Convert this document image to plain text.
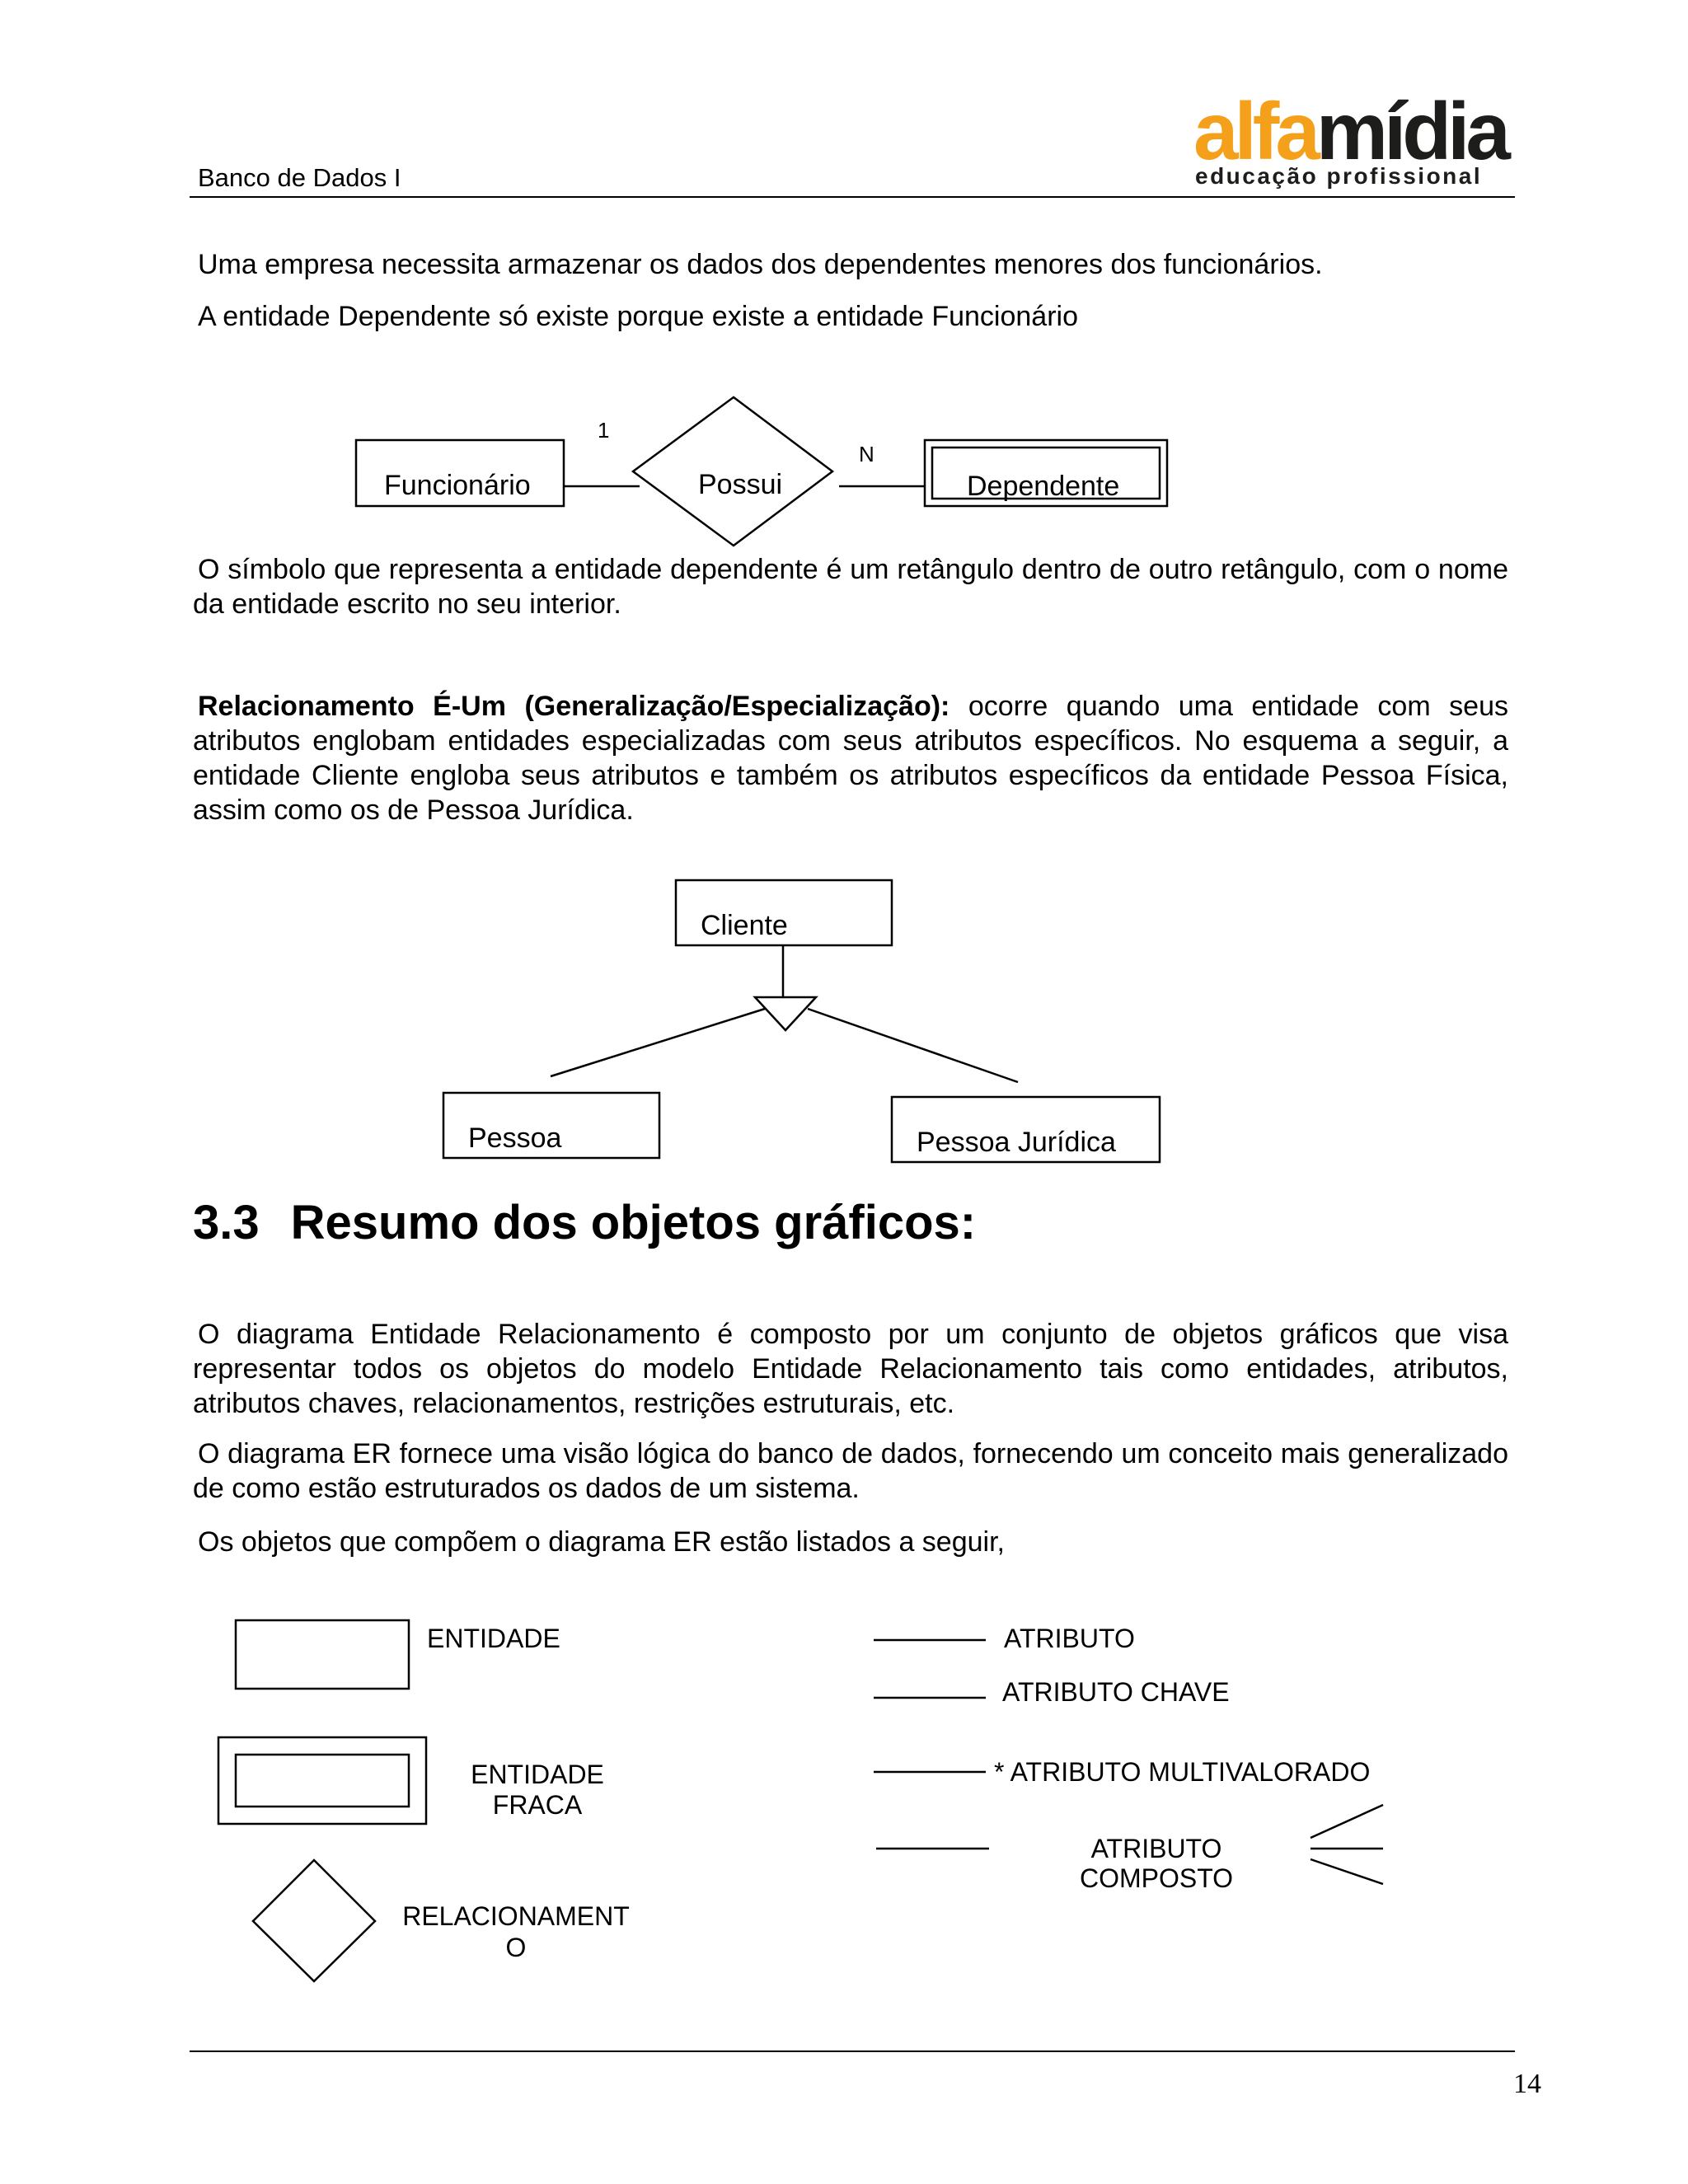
Banco de Dados I
alfamídia
educação profissional
Uma empresa necessita armazenar os dados dos dependentes menores dos funcionários.
A entidade Dependente só existe porque existe a entidade Funcionário
O símbolo que representa a entidade dependente é um retângulo dentro de outro retângulo, com o nome da entidade escrito no seu interior.
Relacionamento É-Um (Generalização/Especialização): ocorre quando uma entidade com seus atributos englobam entidades especializadas com seus atributos específicos. No esquema a seguir, a entidade Cliente engloba seus atributos e também os atributos específicos da entidade Pessoa Física, assim como os de Pessoa Jurídica.
3.3 Resumo dos objetos gráficos:
O diagrama Entidade Relacionamento é composto por um conjunto de objetos gráficos que visa representar todos os objetos do modelo Entidade Relacionamento tais como entidades, atributos, atributos chaves, relacionamentos, restrições estruturais, etc.
O diagrama ER fornece uma visão lógica do banco de dados, fornecendo um conceito mais generalizado de como estão estruturados os dados de um sistema.
Os objetos que compõem o diagrama ER estão listados a seguir,
Funcionário	Possui	Dependente
1
N
Cliente
Pessoa	Pessoa Jurídica
ENTIDADE
ENTIDADE
FRACA
RELACIONAMENT
O
ATRIBUTO
ATRIBUTO CHAVE
* ATRIBUTO MULTIVALORADO
ATRIBUTO
COMPOSTO
14
